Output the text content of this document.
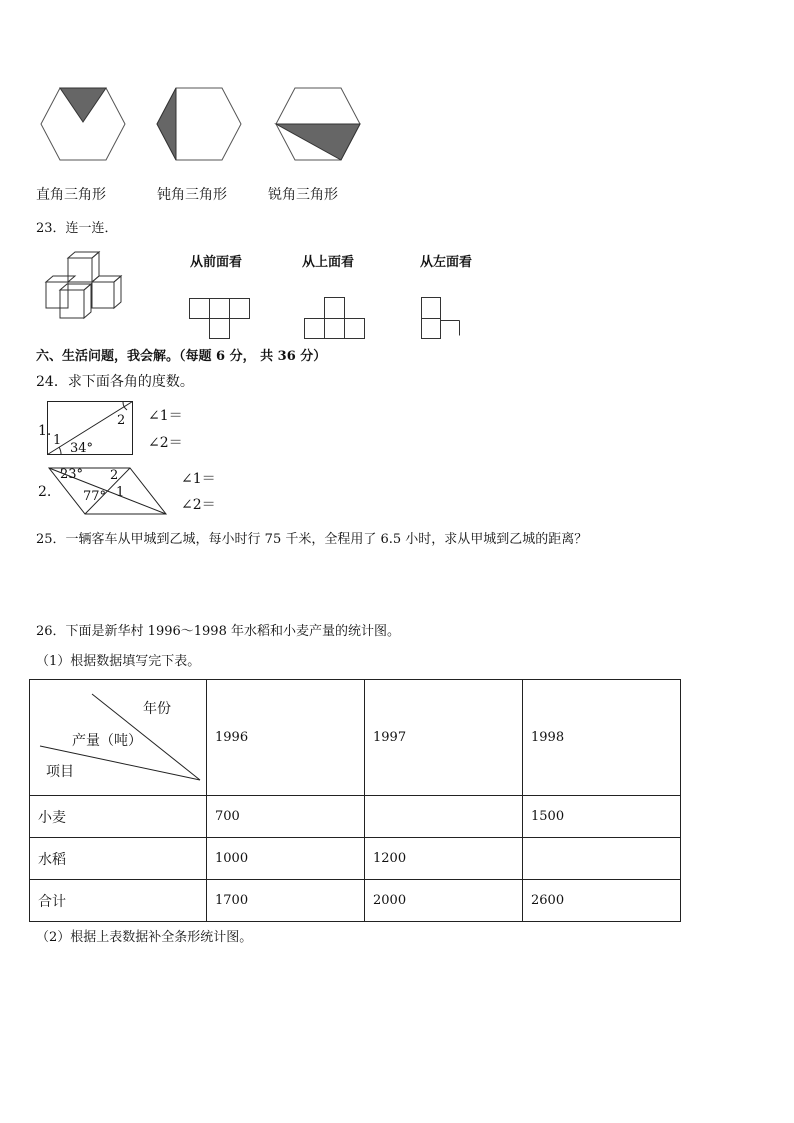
直角三角形	钝角三角形	锐角三角形
23．连一连．
从前面看	从上面看	从左面看
六、生活问题，我会解。（每题 6 分， 共 36 分）
24．求下面各角的度数。
1.
1
2
34°
∠1＝
∠2＝
2.
23° 2
77° 1
∠1＝
∠2＝
25．一辆客车从甲城到乙城，每小时行 75 千米，全程用了 6.5 小时，求从甲城到乙城的距离？
26．下面是新华村 1996～1998 年水稻和小麦产量的统计图。
（1）根据数据填写完下表。
年份
产量（吨）
项目	1996	1997	1998
小麦	700		1500
水稻	1000	1200	
合计	1700	2000	2600
（2）根据上表数据补全条形统计图。
